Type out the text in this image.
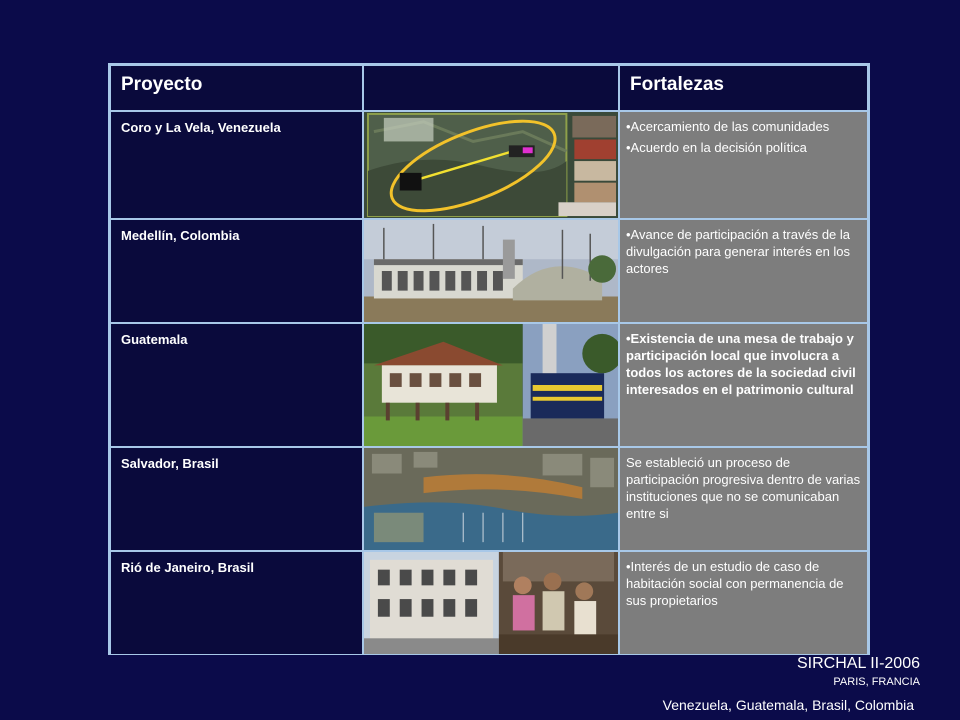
Proyecto	Fortalezas
Coro y La Vela, Venezuela	•Acercamiento de las comunidades
•Acuerdo en la decisión política
Medellín, Colombia	•Avance de participación a través de la divulgación para generar interés en los actores
Guatemala	•Existencia de una mesa de trabajo y participación local que involucra a todos los actores de la sociedad civil interesados en el patrimonio cultural
Salvador, Brasil	Se estableció un proceso de participación progresiva dentro de varias instituciones que no se comunicaban entre si
Rió de Janeiro, Brasil	•Interés de un estudio de caso de habitación social con permanencia de sus propietarios
SIRCHAL II-2006
PARIS, FRANCIA
Venezuela, Guatemala, Brasil, Colombia
